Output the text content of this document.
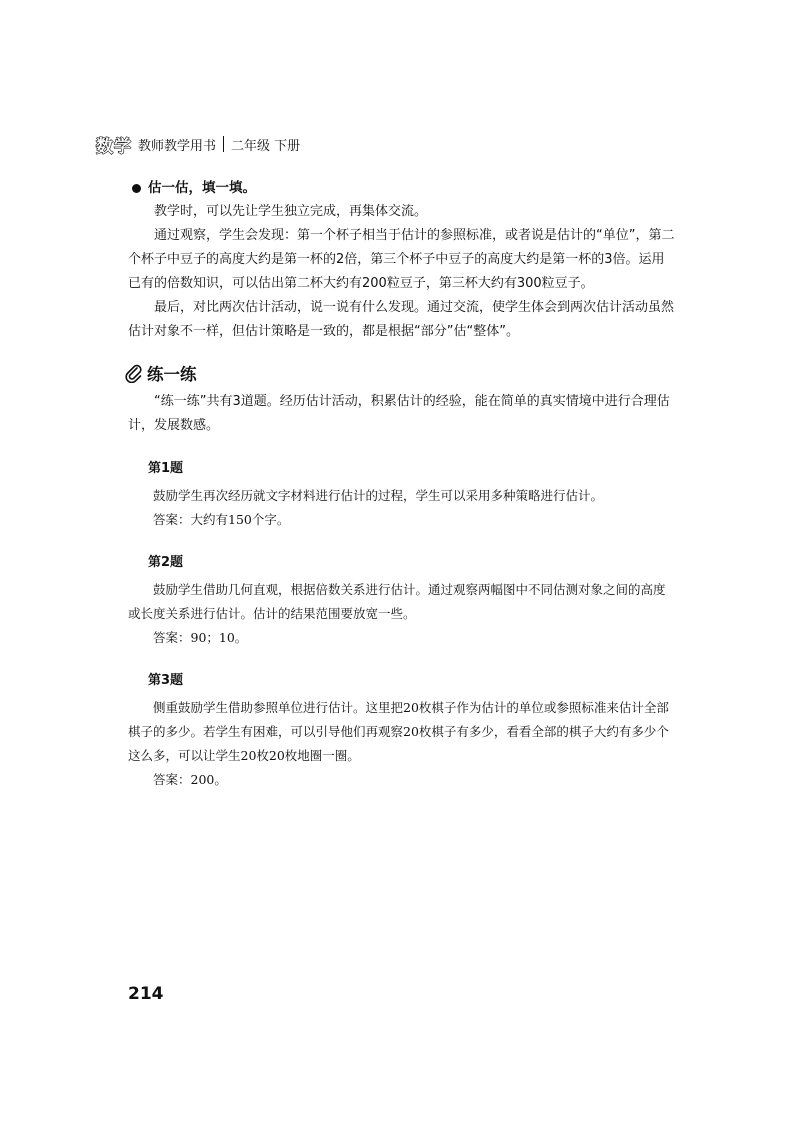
数学 教师教学用书 二年级 下册
估一估，填一填。

教学时，可以先让学生独立完成，再集体交流。

通过观察，学生会发现：第一个杯子相当于估计的参照标准，或者说是估计的“单位”，第二个杯子中豆子的高度大约是第一杯的2倍，第三个杯子中豆子的高度大约是第一杯的3倍。运用已有的倍数知识，可以估出第二杯大约有200粒豆子，第三杯大约有300粒豆子。

最后，对比两次估计活动，说一说有什么发现。通过交流，使学生体会到两次估计活动虽然估计对象不一样，但估计策略是一致的，都是根据“部分”估“整体”。

练一练

“练一练”共有3道题。经历估计活动，积累估计的经验，能在简单的真实情境中进行合理估计，发展数感。

第1题

鼓励学生再次经历就文字材料进行估计的过程，学生可以采用多种策略进行估计。

答案：大约有150个字。

第2题

鼓励学生借助几何直观，根据倍数关系进行估计。通过观察两幅图中不同估测对象之间的高度或长度关系进行估计。估计的结果范围要放宽一些。

答案：90；10。

第3题

侧重鼓励学生借助参照单位进行估计。这里把20枚棋子作为估计的单位或参照标准来估计全部棋子的多少。若学生有困难，可以引导他们再观察20枚棋子有多少，看看全部的棋子大约有多少个这么多，可以让学生20枚20枚地圈一圈。

答案：200。

214
